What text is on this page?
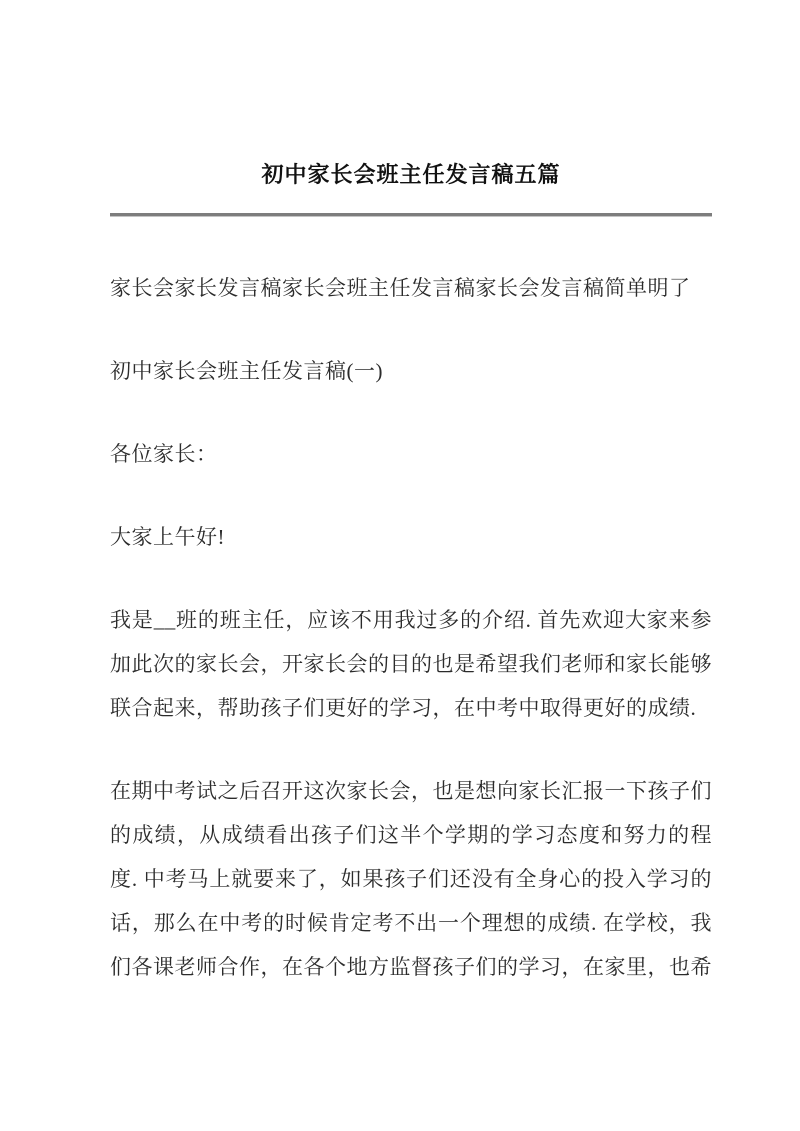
初中家长会班主任发言稿五篇

家长会家长发言稿家长会班主任发言稿家长会发言稿简单明了

初中家长会班主任发言稿(一)

各位家长：

大家上午好!

我是__班的班主任，应该不用我过多的介绍. 首先欢迎大家来参加此次的家长会，开家长会的目的也是希望我们老师和家长能够联合起来，帮助孩子们更好的学习，在中考中取得更好的成绩.

在期中考试之后召开这次家长会，也是想向家长汇报一下孩子们的成绩，从成绩看出孩子们这半个学期的学习态度和努力的程度. 中考马上就要来了，如果孩子们还没有全身心的投入学习的话，那么在中考的时候肯定考不出一个理想的成绩. 在学校，我们各课老师合作，在各个地方监督孩子们的学习，在家里，也希
